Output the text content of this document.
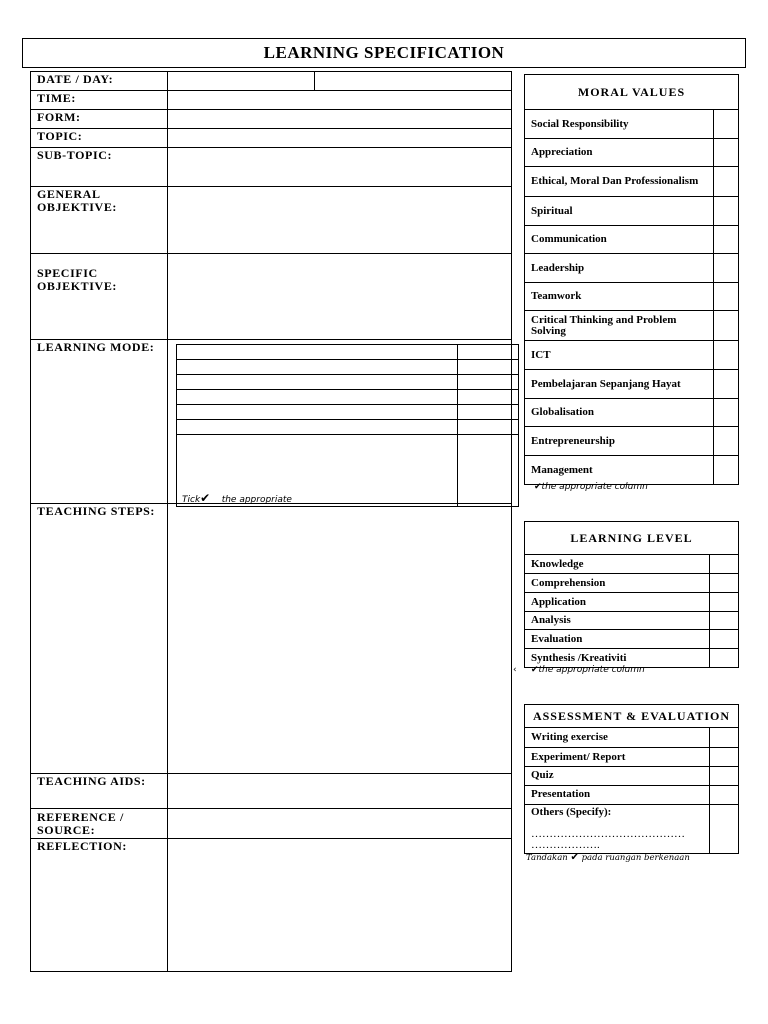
LEARNING SPECIFICATION
DATE / DAY:	

TIME:	
FORM:	
TOPIC:	
SUB-TOPIC:	

GENERAL
OBJEKTIVE:

SPECIFIC
OBJEKTIVE:

LEARNING MODE:	

Tick✔ the appropriate

TEACHING STEPS:	
TEACHING AIDS:	

REFERENCE /
SOURCE:

REFLECTION:	
MORAL VALUES	
Social Responsibility	
Appreciation	
Ethical, Moral Dan Professionalism	
Spiritual	
Communication	
Leadership	
Teamwork	
Critical Thinking and Problem Solving	
ICT	
Pembelajaran Sepanjang Hayat	
Globalisation	
Entrepreneurship	
Management	
✔the appropriate column
LEARNING LEVEL	
Knowledge	
Comprehension	
Application	
Analysis	
Evaluation	
Synthesis /Kreativiti	
‹ ✔the appropriate column
ASSESSMENT & EVALUATION	
Writing exercise	
Experiment/ Report	
Quiz	
Presentation	

Others (Specify):
……………………………………
……………….	

Tandakan ✔ pada ruangan berkenaan
